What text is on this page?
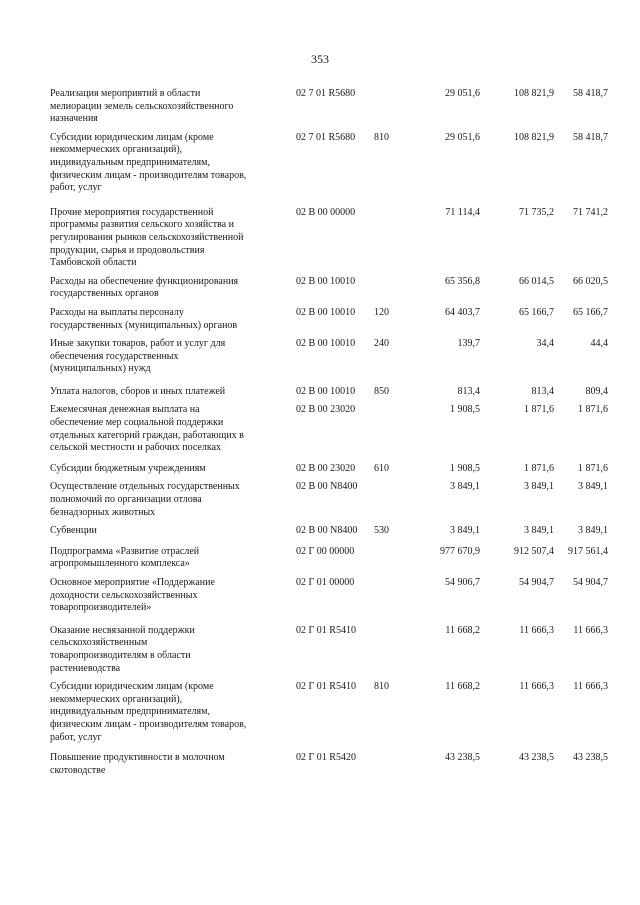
353
Реализация мероприятий в области
мелиорации земель сельскохозяйственного
назначения
02 7 01 R5680	29 051,6	108 821,9	58 418,7
Субсидии юридическим лицам (кроме
некоммерческих организаций),
индивидуальным предпринимателям,
физическим лицам - производителям товаров,
работ, услуг
02 7 01 R5680	810	29 051,6	108 821,9	58 418,7
Прочие мероприятия государственной
программы развития сельского хозяйства и
регулирования рынков сельскохозяйственной
продукции, сырья и продовольствия
Тамбовской области
02 В 00 00000	71 114,4	71 735,2	71 741,2
Расходы на обеспечение функционирования
государственных органов
02 В 00 10010	65 356,8	66 014,5	66 020,5
Расходы на выплаты персоналу
государственных (муниципальных) органов
02 В 00 10010	120	64 403,7	65 166,7	65 166,7
Иные закупки товаров, работ и услуг для
обеспечения государственных
(муниципальных) нужд
02 В 00 10010	240	139,7	34,4	44,4
Уплата налогов, сборов и иных платежей	02 В 00 10010	850	813,4	813,4	809,4
Ежемесячная денежная выплата на
обеспечение мер социальной поддержки
отдельных категорий граждан, работающих в
сельской местности и рабочих поселках
02 В 00 23020	1 908,5	1 871,6	1 871,6
Субсидии бюджетным учреждениям	02 В 00 23020	610	1 908,5	1 871,6	1 871,6
Осуществление отдельных государственных
полномочий по организации отлова
безнадзорных животных
02 В 00 N8400	3 849,1	3 849,1	3 849,1
Субвенции	02 В 00 N8400	530	3 849,1	3 849,1	3 849,1
Подпрограмма «Развитие отраслей
агропромышленного комплекса»
02 Г 00 00000	977 670,9	912 507,4	917 561,4
Основное мероприятие «Поддержание
доходности сельскохозяйственных
товаропроизводителей»
02 Г 01 00000	54 906,7	54 904,7	54 904,7
Оказание несвязанной поддержки
сельскохозяйственным
товаропроизводителям в области
растениеводства
02 Г 01 R5410	11 668,2	11 666,3	11 666,3
Субсидии юридическим лицам (кроме
некоммерческих организаций),
индивидуальным предпринимателям,
физическим лицам - производителям товаров,
работ, услуг
02 Г 01 R5410	810	11 668,2	11 666,3	11 666,3
Повышение продуктивности в молочном
скотоводстве
02 Г 01 R5420	43 238,5	43 238,5	43 238,5
